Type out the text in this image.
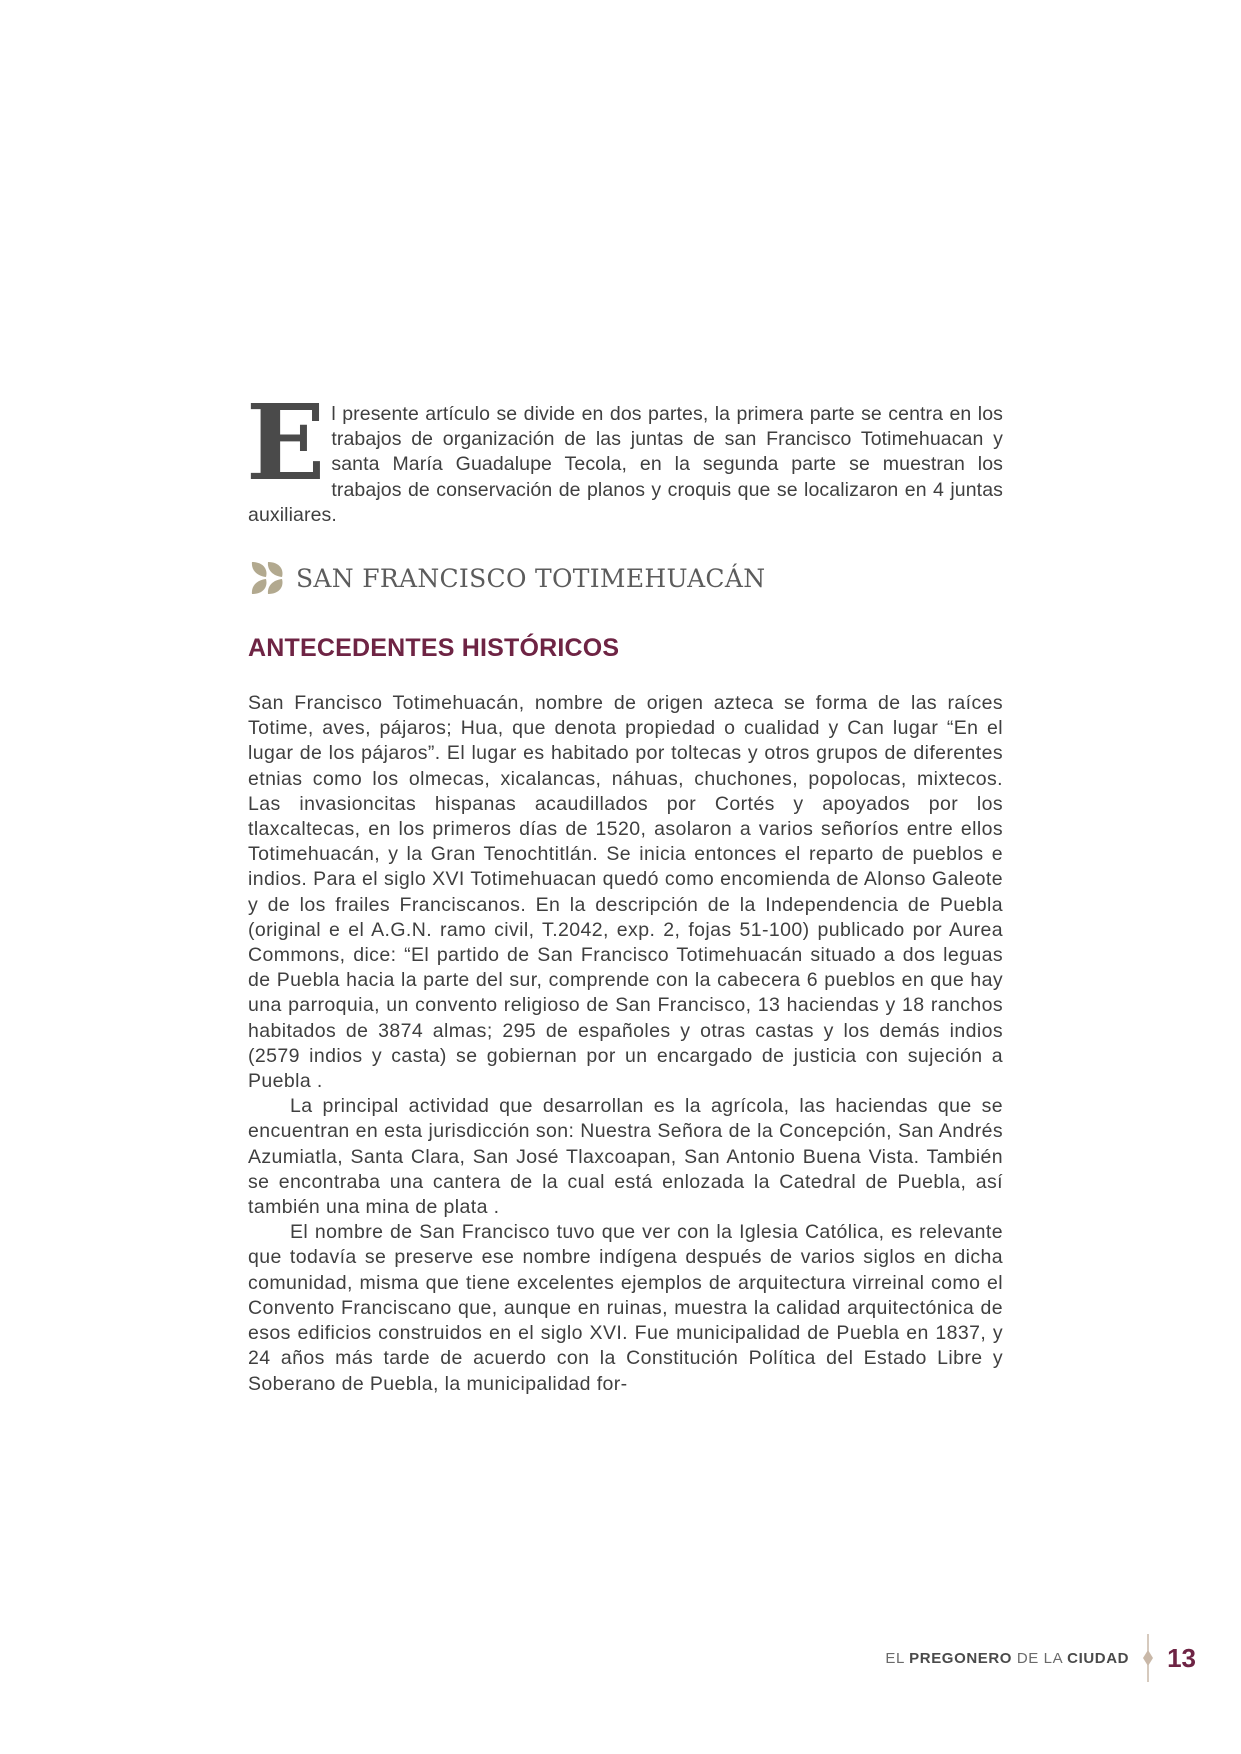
El presente artículo se divide en dos partes, la primera parte se centra en los trabajos de organización de las juntas de san Francisco Totimehuacan y santa María Guadalupe Tecola, en la segunda parte se muestran los trabajos de conservación de planos y croquis que se localizaron en 4 juntas auxiliares.

SAN FRANCISCO TOTIMEHUACÁN
ANTECEDENTES HISTÓRICOS

San Francisco Totimehuacán, nombre de origen azteca se forma de las raíces Totime, aves, pájaros; Hua, que denota propiedad o cualidad y Can lugar “En el lugar de los pájaros”. El lugar es habitado por toltecas y otros grupos de diferentes etnias como los olmecas, xicalancas, náhuas, chuchones, popolocas, mixtecos. Las invasioncitas hispanas acaudillados por Cortés y apoyados por los tlaxcaltecas, en los primeros días de 1520, asolaron a varios señoríos entre ellos Totimehuacán, y la Gran Tenochtitlán. Se inicia entonces el reparto de pueblos e indios. Para el siglo XVI Totimehuacan quedó como encomienda de Alonso Galeote y de los frailes Franciscanos. En la descripción de la Independencia de Puebla (original e el A.G.N. ramo civil, T.2042, exp. 2, fojas 51-100) publicado por Aurea Commons, dice: “El partido de San Francisco Totimehuacán situado a dos leguas de Puebla hacia la parte del sur, comprende con la cabecera 6 pueblos en que hay una parroquia, un convento religioso de San Francisco, 13 haciendas y 18 ranchos habitados de 3874 almas; 295 de españoles y otras castas y los demás indios (2579 indios y casta) se gobiernan por un encargado de justicia con sujeción a Puebla .

La principal actividad que desarrollan es la agrícola, las haciendas que se encuentran en esta jurisdicción son: Nuestra Señora de la Concepción, San Andrés Azumiatla, Santa Clara, San José Tlaxcoapan, San Antonio Buena Vista. También se encontraba una cantera de la cual está enlozada la Catedral de Puebla, así también una mina de plata .

El nombre de San Francisco tuvo que ver con la Iglesia Católica, es relevante que todavía se preserve ese nombre indígena después de varios siglos en dicha comunidad, misma que tiene excelentes ejemplos de arquitectura virreinal como el Convento Franciscano que, aunque en ruinas, muestra la calidad arquitectónica de esos edificios construidos en el siglo XVI. Fue municipalidad de Puebla en 1837, y 24 años más tarde de acuerdo con la Constitución Política del Estado Libre y Soberano de Puebla, la municipalidad for-

EL PREGONERO DE LA CIUDAD 13
